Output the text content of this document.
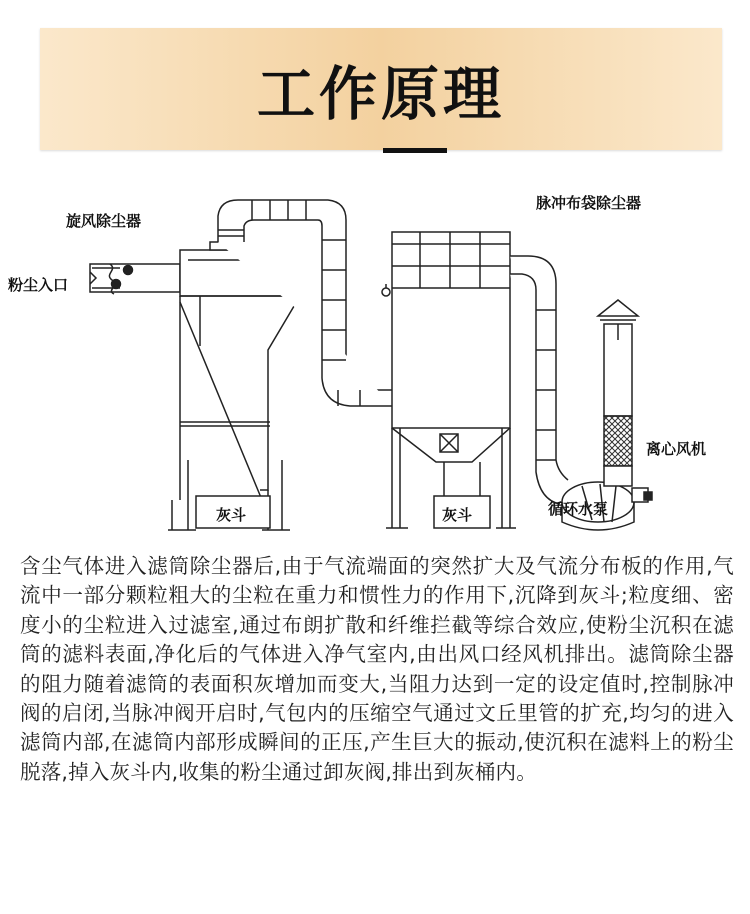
工作原理
旋风除尘器
粉尘入口
脉冲布袋除尘器
离心风机
循环水泵
灰斗	灰斗

含尘气体进入滤筒除尘器后,由于气流端面的突然扩大及气流分布板的作用,气流中一部分颗粒粗大的尘粒在重力和惯性力的作用下,沉降到灰斗;粒度细、密度小的尘粒进入过滤室,通过布朗扩散和纤维拦截等综合效应,使粉尘沉积在滤筒的滤料表面,净化后的气体进入净气室内,由出风口经风机排出。滤筒除尘器的阻力随着滤筒的表面积灰增加而变大,当阻力达到一定的设定值时,控制脉冲阀的启闭,当脉冲阀开启时,气包内的压缩空气通过文丘里管的扩充,均匀的进入滤筒内部,在滤筒内部形成瞬间的正压,产生巨大的振动,使沉积在滤料上的粉尘脱落,掉入灰斗内,收集的粉尘通过卸灰阀,排出到灰桶内。
